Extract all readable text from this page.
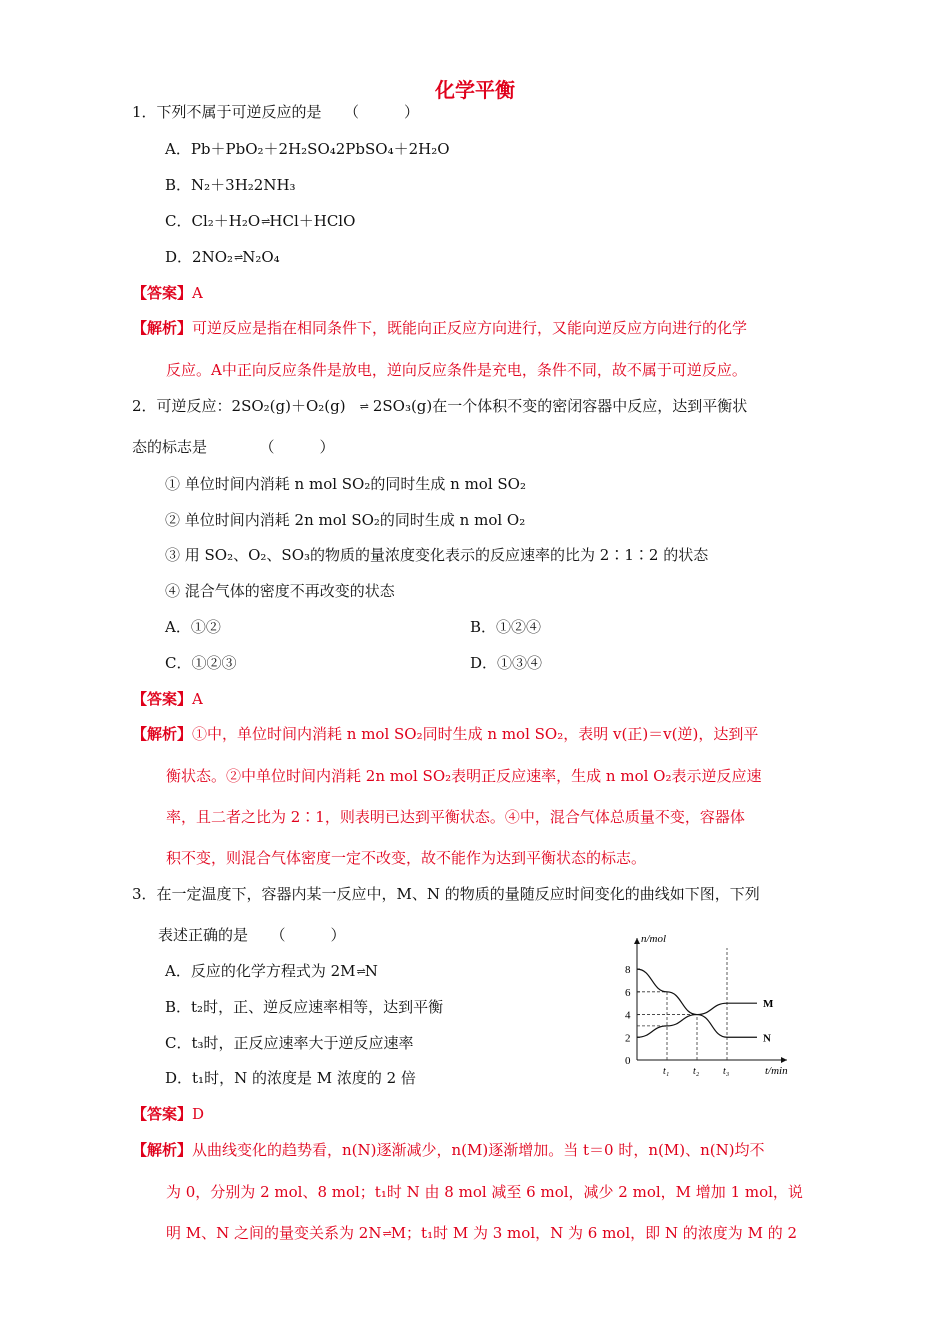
化学平衡
1．下列不属于可逆反应的是　　（　　　）
A．Pb＋PbO₂＋2H₂SO₄2PbSO₄＋2H₂O
B．N₂＋3H₂2NH₃
C．Cl₂＋H₂O⇌HCl＋HClO
D．2NO₂⇌N₂O₄
【答案】A
【解析】可逆反应是指在相同条件下，既能向正反应方向进行，又能向逆反应方向进行的化学
反应。A中正向反应条件是放电，逆向反应条件是充电，条件不同，故不属于可逆反应。
2．可逆反应：2SO₂(g)＋O₂(g) ⇌ 2SO₃(g)在一个体积不变的密闭容器中反应，达到平衡状
态的标志是　　　　（　　　）
① 单位时间内消耗 n mol SO₂的同时生成 n mol SO₂
② 单位时间内消耗 2n mol SO₂的同时生成 n mol O₂
③ 用 SO₂、O₂、SO₃的物质的量浓度变化表示的反应速率的比为 2∶1∶2 的状态
④ 混合气体的密度不再改变的状态
A．①②	B．①②④
C．①②③	D．①③④
【答案】A
【解析】①中，单位时间内消耗 n mol SO₂同时生成 n mol SO₂，表明 v(正)＝v(逆)，达到平
衡状态。②中单位时间内消耗 2n mol SO₂表明正反应速率，生成 n mol O₂表示逆反应速
率，且二者之比为 2∶1，则表明已达到平衡状态。④中，混合气体总质量不变，容器体
积不变，则混合气体密度一定不改变，故不能作为达到平衡状态的标志。
3．在一定温度下，容器内某一反应中，M、N 的物质的量随反应时间变化的曲线如下图，下列
表述正确的是　　（　　　）
A．反应的化学方程式为 2M⇌N
B．t₂时，正、逆反应速率相等，达到平衡
C．t₃时，正反应速率大于逆反应速率
D．t₁时，N 的浓度是 M 浓度的 2 倍
【答案】D
【解析】从曲线变化的趋势看，n(N)逐渐减少，n(M)逐渐增加。当 t＝0 时，n(M)、n(N)均不
为 0，分别为 2 mol、8 mol；t₁时 N 由 8 mol 减至 6 mol，减少 2 mol，M 增加 1 mol，说
明 M、N 之间的量变关系为 2N⇌M；t₁时 M 为 3 mol，N 为 6 mol，即 N 的浓度为 M 的 2
n/mol
t/min
0
2
4
6
8
t₁ t₂ t₃
M
N
